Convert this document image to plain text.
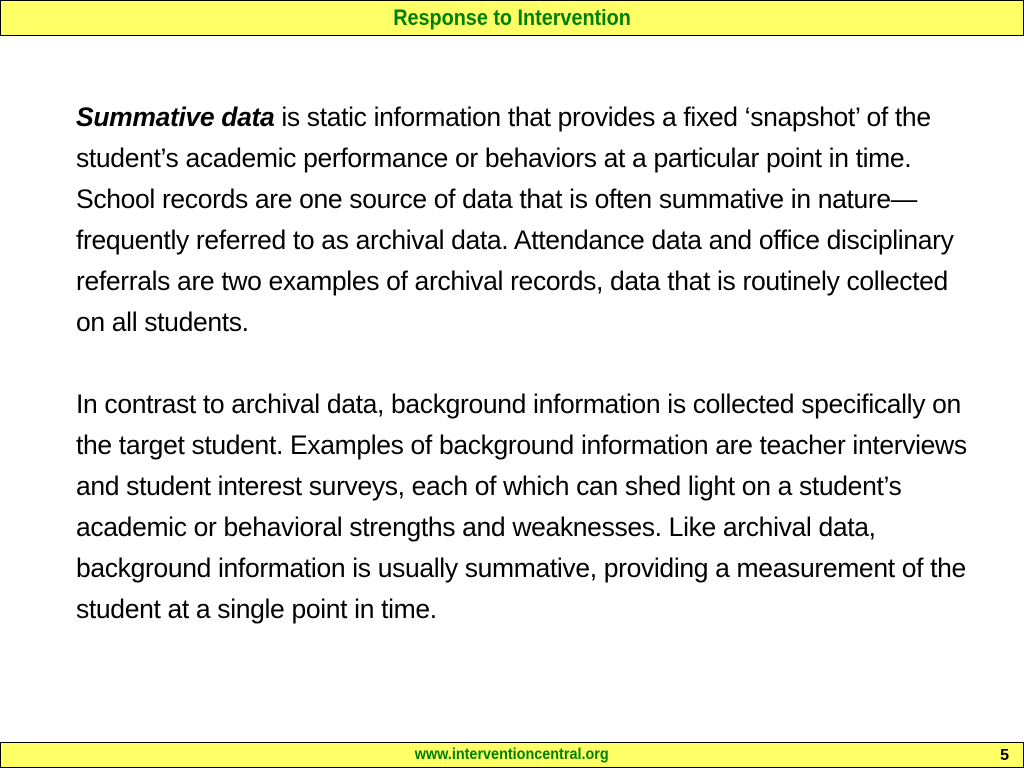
Response to Intervention

Summative data is static information that provides a fixed ‘snapshot’ of the student’s academic performance or behaviors at a particular point in time. School records are one source of data that is often summative in nature—frequently referred to as archival data. Attendance data and office disciplinary referrals are two examples of archival records, data that is routinely collected on all students.

In contrast to archival data, background information is collected specifically on the target student. Examples of background information are teacher interviews and student interest surveys, each of which can shed light on a student’s academic or behavioral strengths and weaknesses. Like archival data, background information is usually summative, providing a measurement of the student at a single point in time.

www.interventioncentral.org	5
